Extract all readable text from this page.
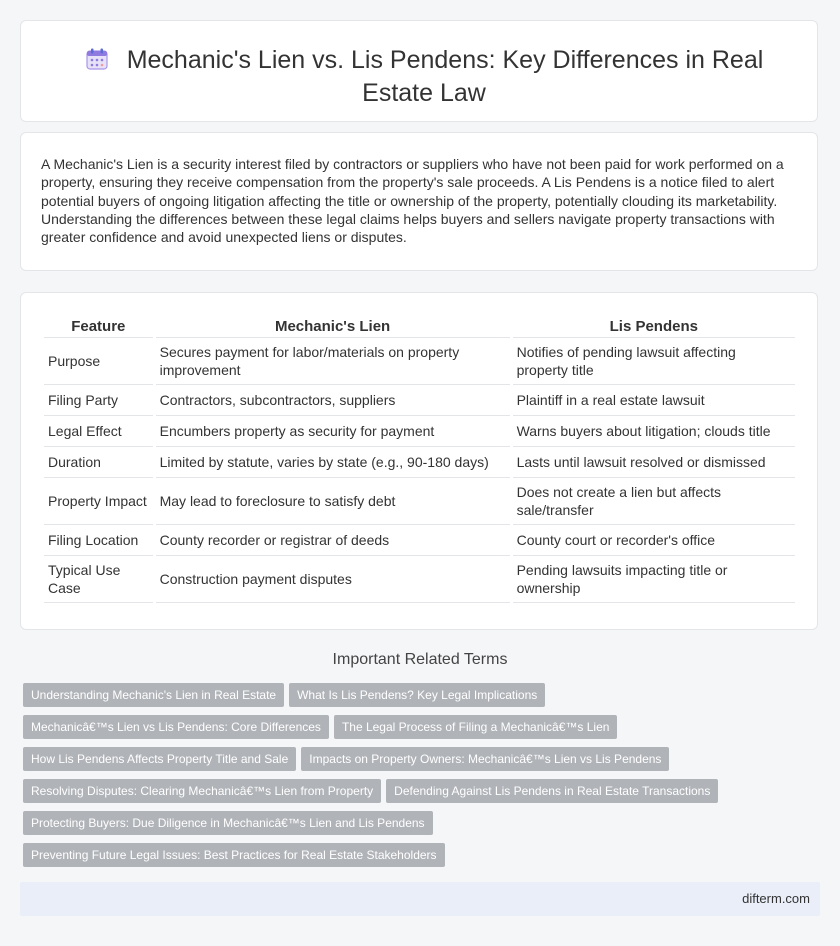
Mechanic's Lien vs. Lis Pendens: Key Differences in Real Estate Law

A Mechanic's Lien is a security interest filed by contractors or suppliers who have not been paid for work performed on a property, ensuring they receive compensation from the property's sale proceeds. A Lis Pendens is a notice filed to alert potential buyers of ongoing litigation affecting the title or ownership of the property, potentially clouding its marketability. Understanding the differences between these legal claims helps buyers and sellers navigate property transactions with greater confidence and avoid unexpected liens or disputes.

Feature	Mechanic's Lien	Lis Pendens
Purpose	Secures payment for labor/materials on property improvement	Notifies of pending lawsuit affecting property title
Filing Party	Contractors, subcontractors, suppliers	Plaintiff in a real estate lawsuit
Legal Effect	Encumbers property as security for payment	Warns buyers about litigation; clouds title
Duration	Limited by statute, varies by state (e.g., 90-180 days)	Lasts until lawsuit resolved or dismissed
Property Impact	May lead to foreclosure to satisfy debt	Does not create a lien but affects sale/transfer
Filing Location	County recorder or registrar of deeds	County court or recorder's office
Typical Use Case	Construction payment disputes	Pending lawsuits impacting title or ownership
Important Related Terms
Understanding Mechanic's Lien in Real Estate What Is Lis Pendens? Key Legal Implications
Mechanicâ€™s Lien vs Lis Pendens: Core Differences The Legal Process of Filing a Mechanicâ€™s Lien
How Lis Pendens Affects Property Title and Sale Impacts on Property Owners: Mechanicâ€™s Lien vs Lis Pendens
Resolving Disputes: Clearing Mechanicâ€™s Lien from Property Defending Against Lis Pendens in Real Estate Transactions
Protecting Buyers: Due Diligence in Mechanicâ€™s Lien and Lis Pendens
Preventing Future Legal Issues: Best Practices for Real Estate Stakeholders
difterm.com
